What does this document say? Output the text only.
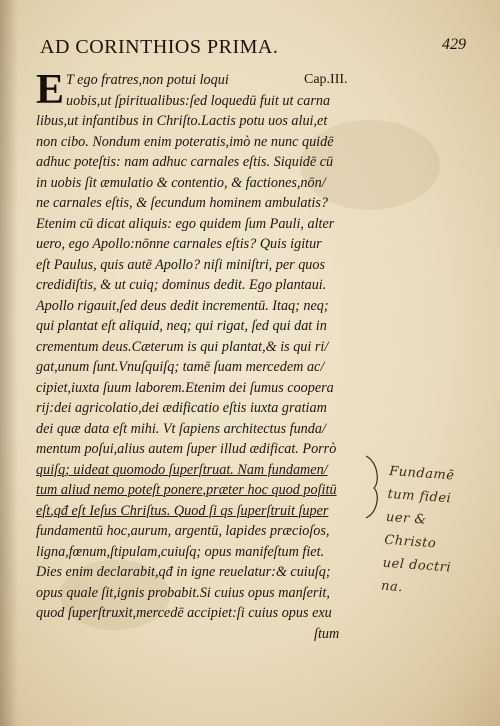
AD CORINTHIOS PRIMA.	429
E T ego fratres,non potui loqui	Cap.III.
uobis,ut ſpiritualibus:ſed loquedū fuit ut carna
libus,ut infantibus in Chriſto.Lactis potu uos alui,et
non cibo. Nondum enim poteratis,imò ne nunc quidē
adhuc poteſtis: nam adhuc carnales eſtis. Siquidē cū
in uobis ſit æmulatio & contentio, & factiones,nōn/
ne carnales eſtis, & ſecundum hominem ambulatis?
Etenim cū dicat aliquis: ego quidem ſum Pauli, alter
uero, ego Apollo:nōnne carnales eſtis? Quis igitur
eſt Paulus, quis autē Apollo? niſi miniſtri, per quos
credidiſtis, & ut cuiq; dominus dedit. Ego plantaui.
Apollo rigauit,ſed deus dedit incrementū. Itaq; neq;
qui plantat eſt aliquid, neq; qui rigat, ſed qui dat in
crementum deus.Cæterum is qui plantat,& is qui ri/
gat,unum ſunt.Vnuſquiſq; tamē ſuam mercedem ac/
cipiet,iuxta ſuum laborem.Etenim dei ſumus coopera
rij:dei agricolatio,dei ædificatio eſtis iuxta gratiam
dei quæ data eſt mihi. Vt ſapiens architectus funda/
mentum poſui,alius autem ſuper illud ædificat. Porrò
quiſq; uideat quomodo ſuperſtruat. Nam fundamen/
tum aliud nemo poteſt ponere,præter hoc quod poſitū
eſt,qđ eſt Ieſus Chriſtus. Quod ſi qs ſuperſtruit ſuper
fundamentū hoc,aurum, argentū, lapides præcioſos,
ligna,fœnum,ſtipulam,cuiuſq; opus manifeſtum fiet.
Dies enim declarabit,qđ in igne reuelatur:& cuiuſq;
opus quale ſit,ignis probabit.Si cuius opus manſerit,
quod ſuperſtruxit,mercedē accipiet:ſi cuius opus exu
ſtum
Fundamē
tum fidei
uer &
Christo
uel doctri
na.
